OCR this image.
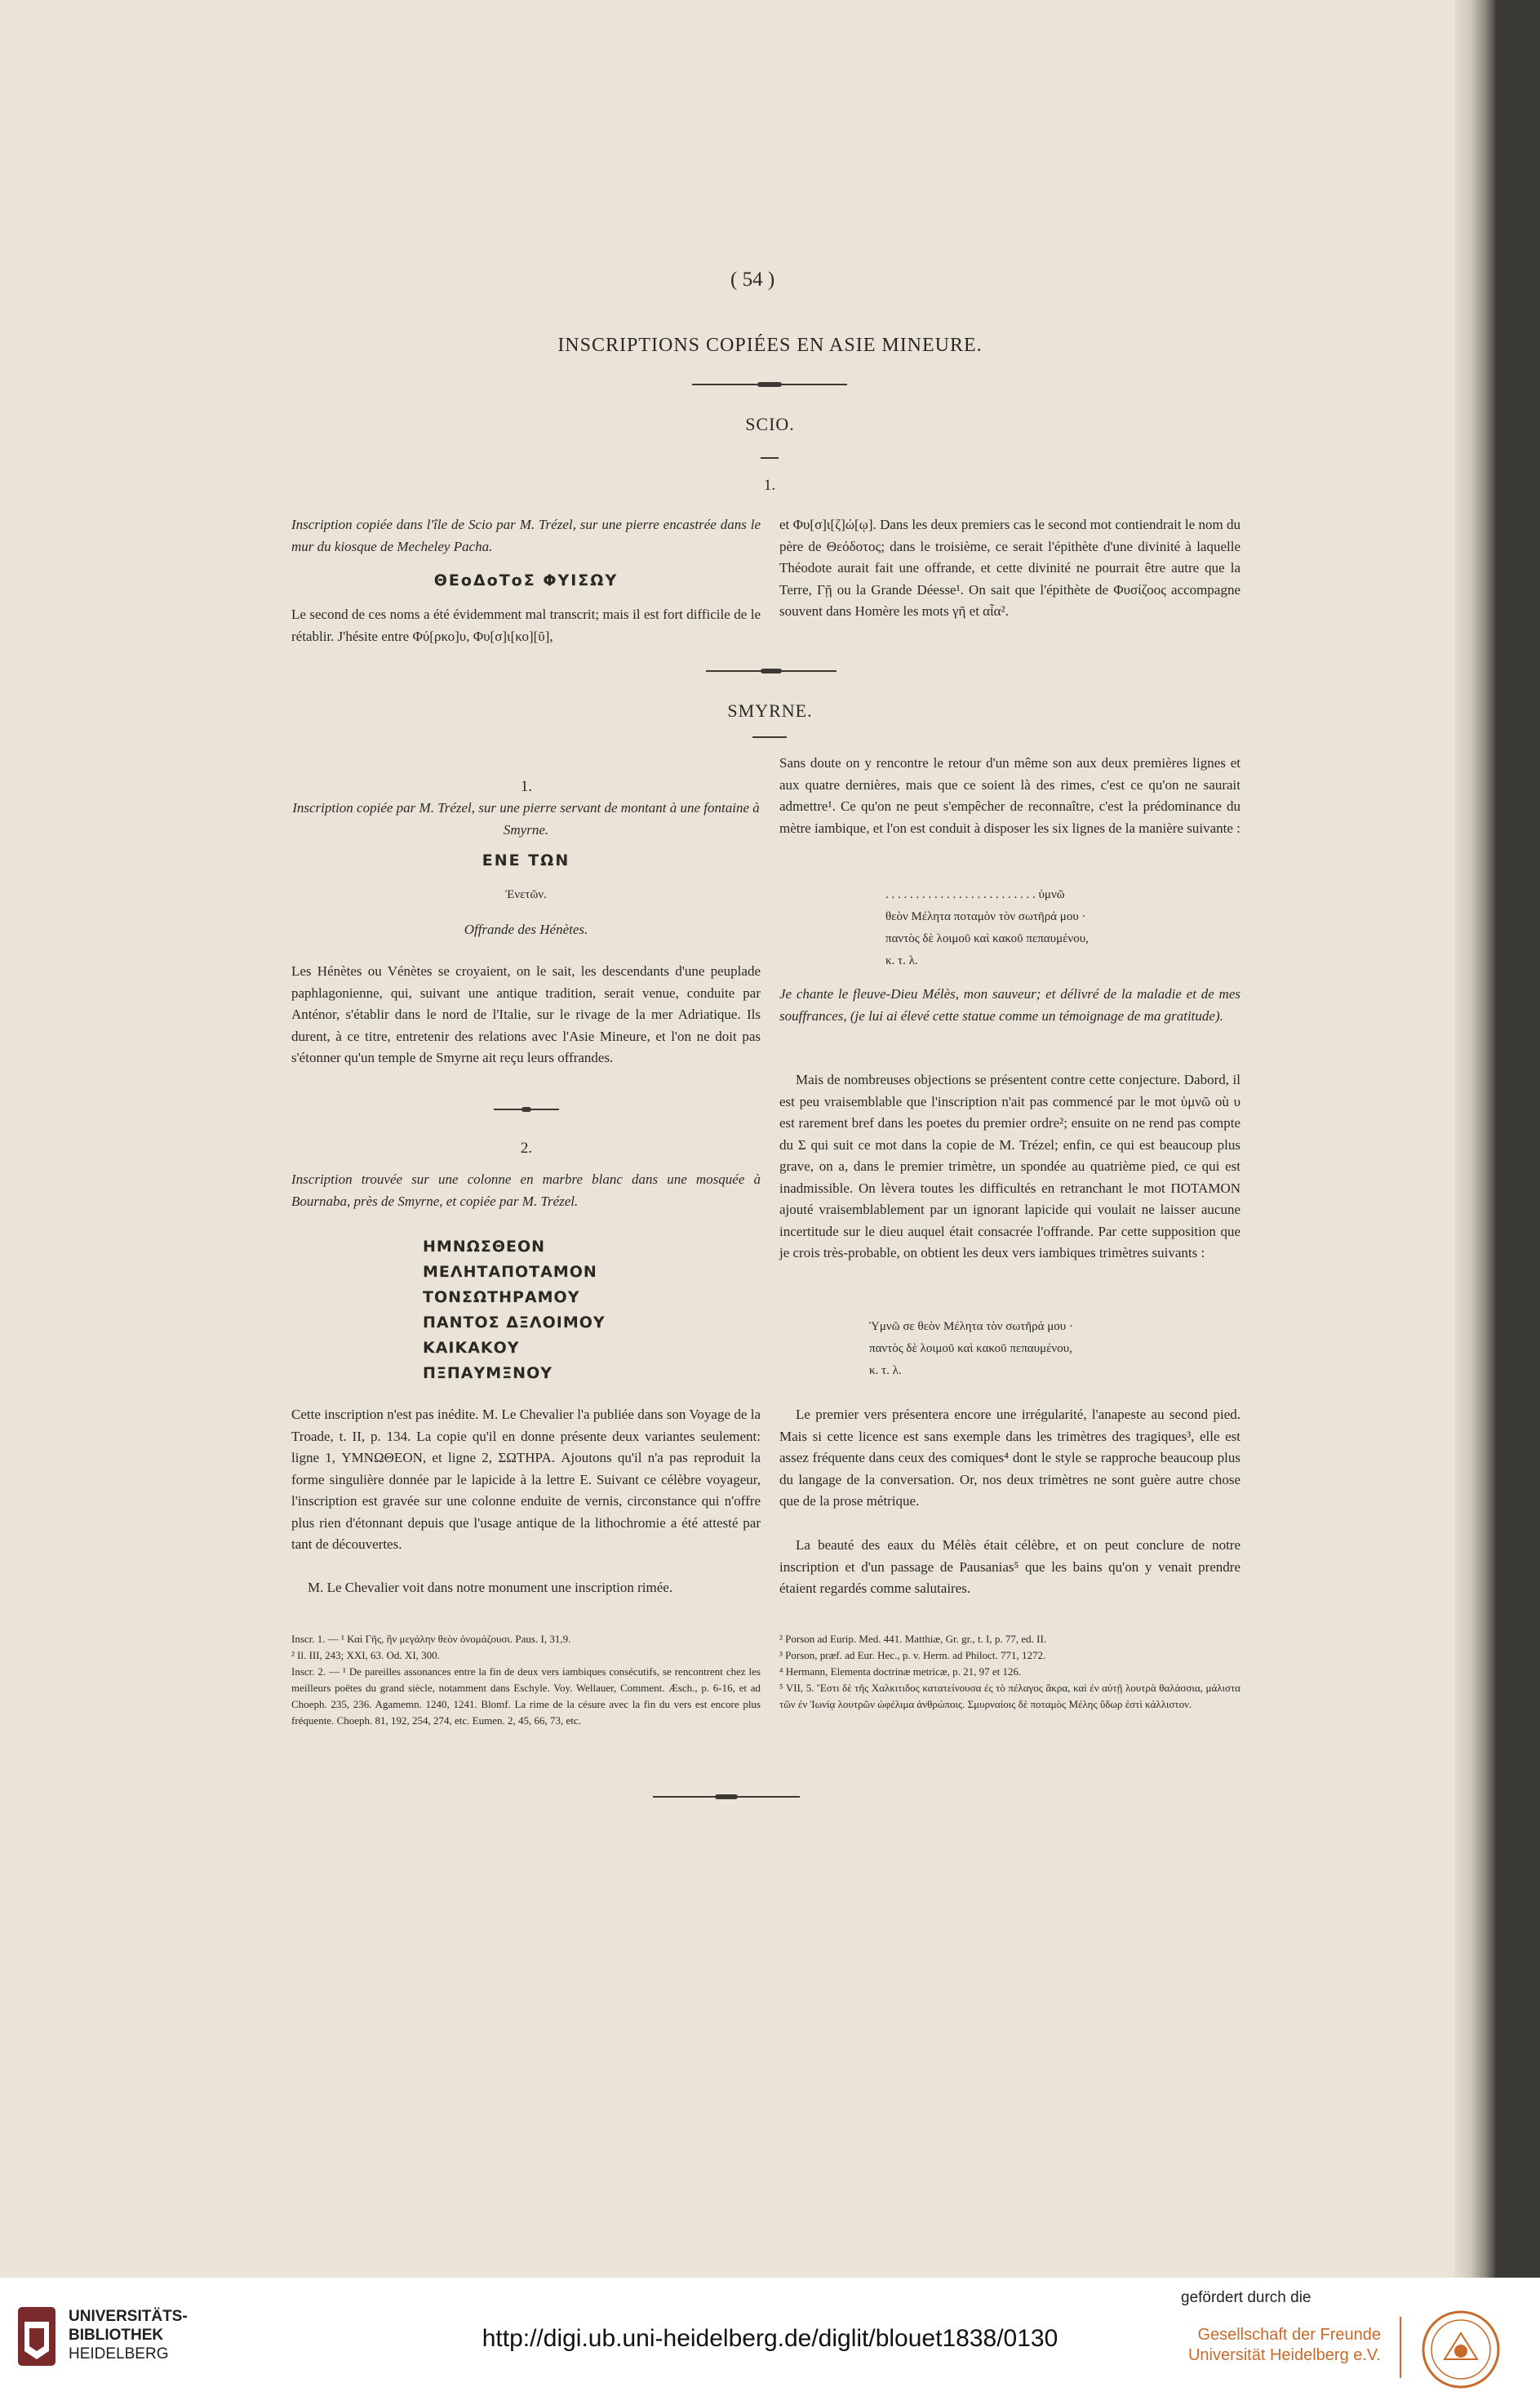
( 54 )
INSCRIPTIONS COPIÉES EN ASIE MINEURE.
SCIO.
1.
Inscription copiée dans l'île de Scio par M. Trézel, sur une pierre encastrée dans le mur du kiosque de Mecheley Pacha.
ΘΕοΔοΤοΣ ΦΥΙΣΩΥ
Le second de ces noms a été évidemment mal transcrit; mais il est fort difficile de le rétablir. J'hésite entre Φύ[ρκο]υ, Φυ[σ]ι[κο][ῦ],
et Φυ[σ]ι[ζ]ώ[ῳ]. Dans les deux premiers cas le second mot contiendrait le nom du père de Θεόδοτος; dans le troisième, ce serait l'épithète d'une divinité à laquelle Théodote aurait fait une offrande, et cette divinité ne pourrait être autre que la Terre, Γῇ ou la Grande Déesse¹. On sait que l'épithète de Φυσίζοος accompagne souvent dans Homère les mots γῆ et αἶα².
SMYRNE.
1.
Inscription copiée par M. Trézel, sur une pierre servant de montant à une fontaine à Smyrne.
ΕΝΕ ΤΩΝ
Ἐνετῶν.
Offrande des Hénètes.
Les Hénètes ou Vénètes se croyaient, on le sait, les descendants d'une peuplade paphlagonienne, qui, suivant une antique tradition, serait venue, conduite par Anténor, s'établir dans le nord de l'Italie, sur le rivage de la mer Adriatique. Ils durent, à ce titre, entretenir des relations avec l'Asie Mineure, et l'on ne doit pas s'étonner qu'un temple de Smyrne ait reçu leurs offrandes.
2.
Inscription trouvée sur une colonne en marbre blanc dans une mosquée à Bournaba, près de Smyrne, et copiée par M. Trézel.
ΗΜΝΩΣΘΕΟΝ
ΜΕΛΗΤΑΠΟΤΑΜΟΝ
ΤΟΝΣΩΤΗΡΑΜΟΥ
ΠΑΝΤΟΣ ΔΞΛΟΙΜΟΥ
ΚΑΙΚΑΚΟΥ
ΠΞΠΑΥΜΞΝΟΥ
Cette inscription n'est pas inédite. M. Le Chevalier l'a publiée dans son Voyage de la Troade, t. II, p. 134. La copie qu'il en donne présente deux variantes seulement: ligne 1, ΥΜΝΩΘΕΟΝ, et ligne 2, ΣΩΤΗΡΑ. Ajoutons qu'il n'a pas reproduit la forme singulière donnée par le lapicide à la lettre Ε. Suivant ce célèbre voyageur, l'inscription est gravée sur une colonne enduite de vernis, circonstance qui n'offre plus rien d'étonnant depuis que l'usage antique de la lithochromie a été attesté par tant de découvertes.
M. Le Chevalier voit dans notre monument une inscription rimée.
Sans doute on y rencontre le retour d'un même son aux deux premières lignes et aux quatre dernières, mais que ce soient là des rimes, c'est ce qu'on ne saurait admettre¹. Ce qu'on ne peut s'empêcher de reconnaître, c'est la prédominance du mètre iambique, et l'on est conduit à disposer les six lignes de la manière suivante :
. . . . . . . . . . . . . . . . . . . . . . . . . ὑμνῶ
θεὸν Μέλητα ποταμὸν τὸν σωτῆρά μου ·
παντὸς δὲ λοιμοῦ καὶ κακοῦ πεπαυμένου,
κ. τ. λ.
Je chante le fleuve-Dieu Mélès, mon sauveur; et délivré de la maladie et de mes souffrances, (je lui ai élevé cette statue comme un témoignage de ma gratitude).
Mais de nombreuses objections se présentent contre cette conjecture. Dabord, il est peu vraisemblable que l'inscription n'ait pas commencé par le mot ὑμνῶ où υ est rarement bref dans les poetes du premier ordre²; ensuite on ne rend pas compte du Σ qui suit ce mot dans la copie de M. Trézel; enfin, ce qui est beaucoup plus grave, on a, dans le premier trimètre, un spondée au quatrième pied, ce qui est inadmissible. On lèvera toutes les difficultés en retranchant le mot ΠΟΤΑΜΟΝ ajouté vraisemblablement par un ignorant lapicide qui voulait ne laisser aucune incertitude sur le dieu auquel était consacrée l'offrande. Par cette supposition que je crois très-probable, on obtient les deux vers iambiques trimètres suivants :
Ὑμνῶ σε θεὸν Μέλητα τὸν σωτῆρά μου ·
παντὸς δὲ λοιμοῦ καὶ κακοῦ πεπαυμένου,
κ. τ. λ.
Le premier vers présentera encore une irrégularité, l'anapeste au second pied. Mais si cette licence est sans exemple dans les trimètres des tragiques³, elle est assez fréquente dans ceux des comiques⁴ dont le style se rapproche beaucoup plus du langage de la conversation. Or, nos deux trimètres ne sont guère autre chose que de la prose métrique.
La beauté des eaux du Mélès était célèbre, et on peut conclure de notre inscription et d'un passage de Pausanias⁵ que les bains qu'on y venait prendre étaient regardés comme salutaires.

Inscr. 1. — ¹ Καὶ Γῆς, ἣν μεγάλην θεὸν ὀνομάζουσι. Paus. I, 31,9.

² Il. III, 243; XXI, 63. Od. XI, 300.

Inscr. 2. — ¹ De pareilles assonances entre la fin de deux vers iambiques consécutifs, se rencontrent chez les meilleurs poëtes du grand siècle, notamment dans Eschyle. Voy. Wellauer, Comment. Æsch., p. 6-16, et ad Choeph. 235, 236. Agamemn. 1240, 1241. Blomf. La rime de la césure avec la fin du vers est encore plus fréquente. Choeph. 81, 192, 254, 274, etc. Eumen. 2, 45, 66, 73, etc.

² Porson ad Eurip. Med. 441. Matthiæ, Gr. gr., t. I, p. 77, ed. II.

³ Porson, præf. ad Eur. Hec., p. v. Herm. ad Philoct. 771, 1272.

⁴ Hermann, Elementa doctrinæ metricæ, p. 21, 97 et 126.

⁵ VII, 5. Ἔστι δὲ τῆς Χαλκιτιδος κατατείνουσα ἐς τὸ πέλαγος ἄκρα, καὶ ἐν αὐτῇ λουτρὰ θαλάσσια, μάλιστα τῶν ἐν Ἰωνίᾳ λουτρῶν ὠφέλιμα ἀνθρώποις. Σμυρναίοις δὲ ποταμὸς Μέλης ὕδωρ ἐστὶ κάλλιστον.

UNIVERSITÄTS-
BIBLIOTHEK
HEIDELBERG
http://digi.ub.uni-heidelberg.de/diglit/blouet1838/0130
gefördert durch die
Gesellschaft der Freunde
Universität Heidelberg e.V.
